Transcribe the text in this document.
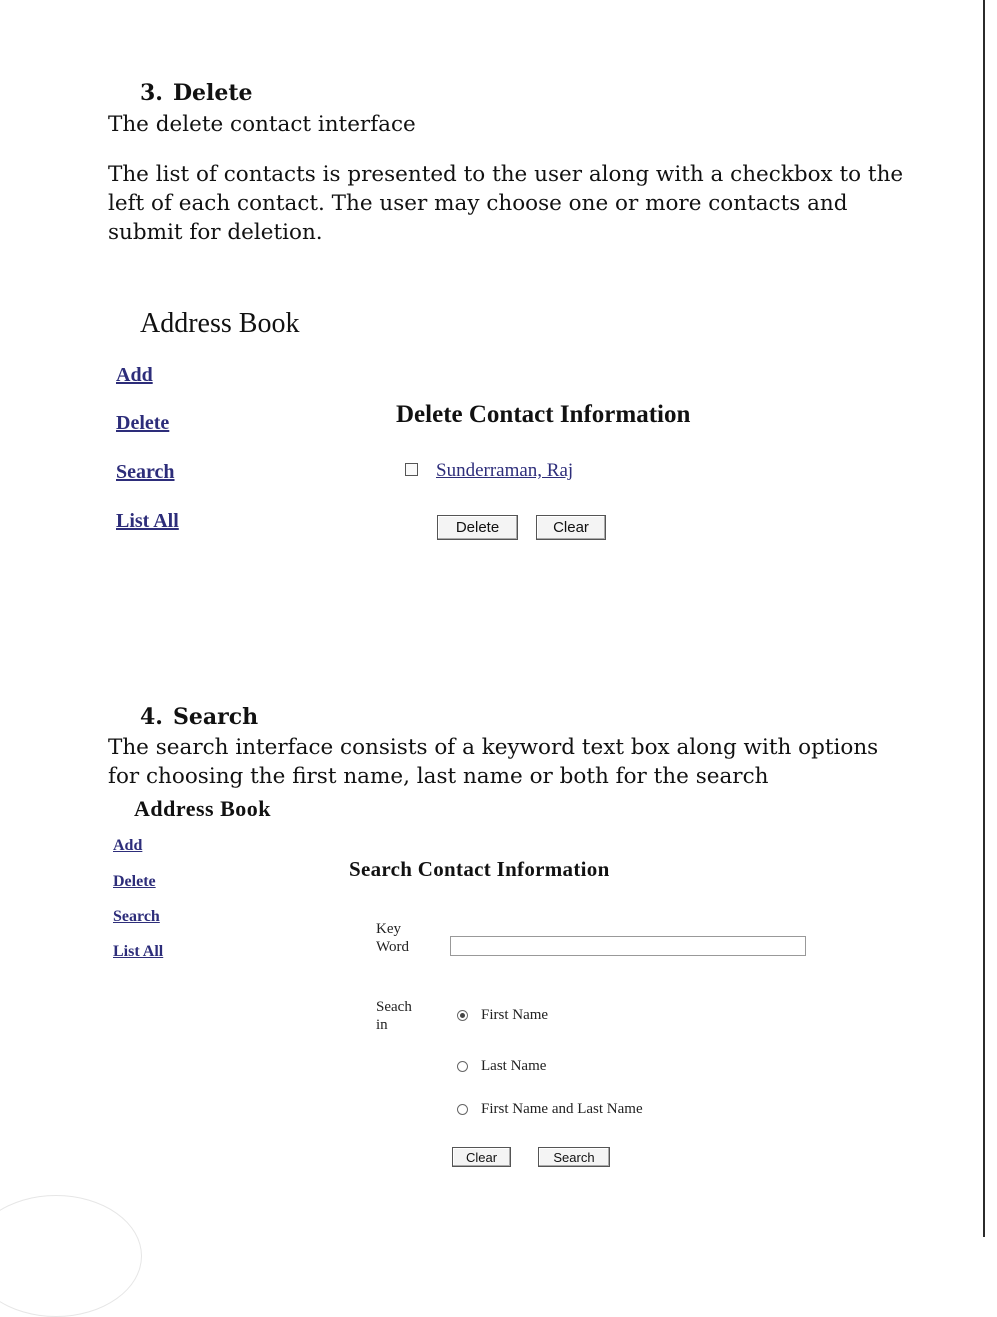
3. Delete
The delete contact interface
The list of contacts is presented to the user along with a checkbox to the
left of each contact. The user may choose one or more contacts and
submit for deletion.
Address Book
Add
Delete
Search
List All
Delete Contact Information
Sunderraman, Raj
Delete	Clear
4. Search
The search interface consists of a keyword text box along with options
for choosing the first name, last name or both for the search
Address Book
Add
Delete
Search
List All
Search Contact Information
Key
Word
Seach
in
First Name
Last Name
First Name and Last Name
Clear	Search
